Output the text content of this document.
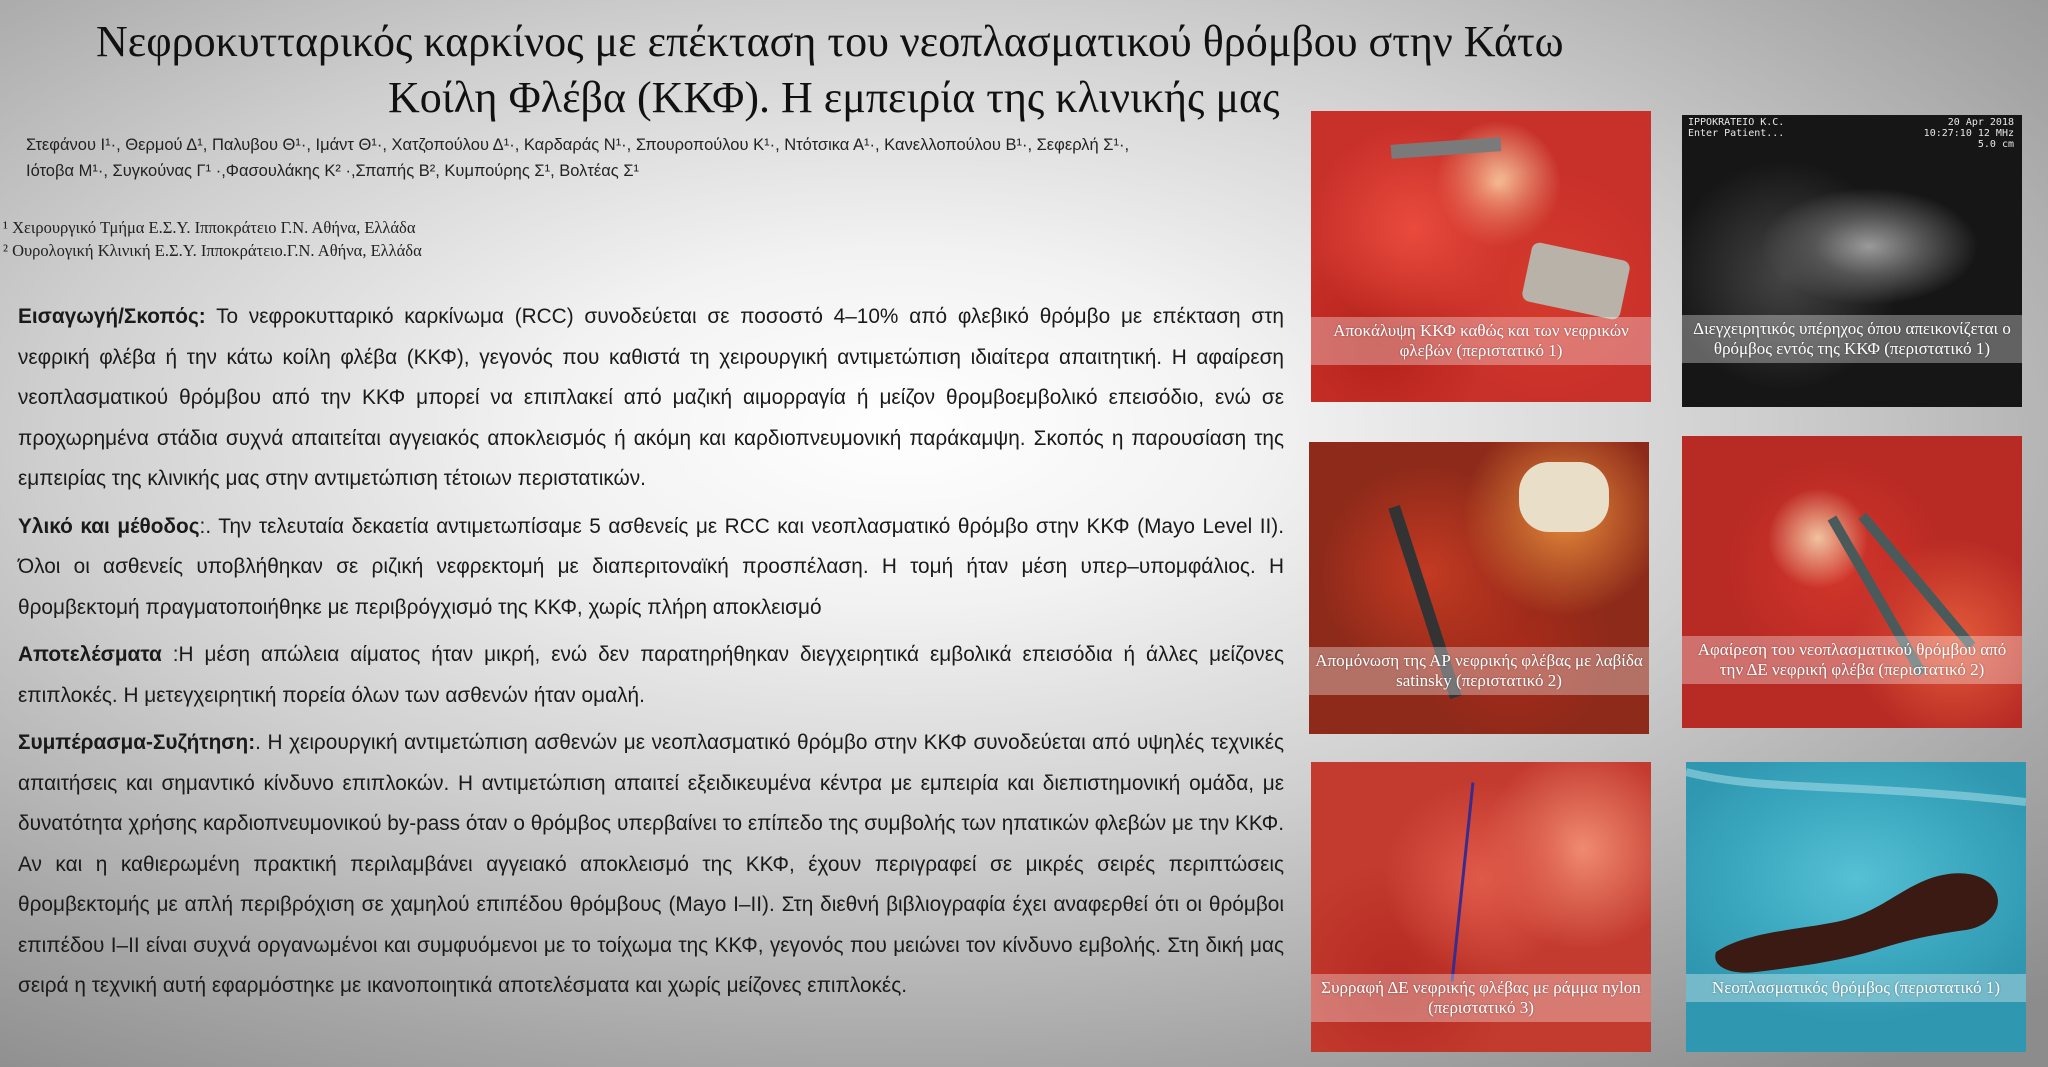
Νεφροκυτταρικός καρκίνος με επέκταση του νεοπλασματικού θρόμβου στην Κάτω
Κοίλη Φλέβα (ΚΚΦ). Η εμπειρία της κλινικής μας
Στεφάνου Ι¹·, Θερμού Δ¹, Παλυβου Θ¹·, Ιμάντ Θ¹·, Χατζοπούλου Δ¹·, Καρδαράς Ν¹·, Σπουροπούλου Κ¹·, Ντότσικα Α¹·, Κανελλοπούλου Β¹·, Σεφερλή Σ¹·,
Ιότοβα Μ¹·, Συγκούνας Γ¹ ·,Φασουλάκης Κ² ·,Σπαπής Β², Κυμπούρης Σ¹, Βολτέας Σ¹
¹ Χειρουργικό Τμήμα Ε.Σ.Υ. Ιπποκράτειο Γ.Ν. Αθήνα, Ελλάδα
² Ουρολογική Κλινική Ε.Σ.Υ. Ιπποκράτειο.Γ.Ν. Αθήνα, Ελλάδα

Εισαγωγή/Σκοπός: Το νεφροκυτταρικό καρκίνωμα (RCC) συνοδεύεται σε ποσοστό 4–10% από φλεβικό θρόμβο με επέκταση στη νεφρική φλέβα ή την κάτω κοίλη φλέβα (ΚΚΦ), γεγονός που καθιστά τη χειρουργική αντιμετώπιση ιδιαίτερα απαιτητική. Η αφαίρεση νεοπλασματικού θρόμβου από την ΚΚΦ μπορεί να επιπλακεί από μαζική αιμορραγία ή μείζον θρομβοεμβολικό επεισόδιο, ενώ σε προχωρημένα στάδια συχνά απαιτείται αγγειακός αποκλεισμός ή ακόμη και καρδιοπνευμονική παράκαμψη. Σκοπός η παρουσίαση της εμπειρίας της κλινικής μας στην αντιμετώπιση τέτοιων περιστατικών.

Υλικό και μέθοδος:. Την τελευταία δεκαετία αντιμετωπίσαμε 5 ασθενείς με RCC και νεοπλασματικό θρόμβο στην ΚΚΦ (Mayo Level II). Όλοι οι ασθενείς υποβλήθηκαν σε ριζική νεφρεκτομή με διαπεριτοναϊκή προσπέλαση. Η τομή ήταν μέση υπερ–υπομφάλιος. Η θρομβεκτομή πραγματοποιήθηκε με περιβρόγχισμό της ΚΚΦ, χωρίς πλήρη αποκλεισμό

Αποτελέσματα :Η μέση απώλεια αίματος ήταν μικρή, ενώ δεν παρατηρήθηκαν διεγχειρητικά εμβολικά επεισόδια ή άλλες μείζονες επιπλοκές. Η μετεγχειρητική πορεία όλων των ασθενών ήταν ομαλή.

Συμπέρασμα-Συζήτηση:. Η χειρουργική αντιμετώπιση ασθενών με νεοπλασματικό θρόμβο στην ΚΚΦ συνοδεύεται από υψηλές τεχνικές απαιτήσεις και σημαντικό κίνδυνο επιπλοκών. Η αντιμετώπιση απαιτεί εξειδικευμένα κέντρα με εμπειρία και διεπιστημονική ομάδα, με δυνατότητα χρήσης καρδιοπνευμονικού by-pass όταν ο θρόμβος υπερβαίνει το επίπεδο της συμβολής των ηπατικών φλεβών με την ΚΚΦ. Αν και η καθιερωμένη πρακτική περιλαμβάνει αγγειακό αποκλεισμό της ΚΚΦ, έχουν περιγραφεί σε μικρές σειρές περιπτώσεις θρομβεκτομής με απλή περιβρόχιση σε χαμηλού επιπέδου θρόμβους (Mayo I–II). Στη διεθνή βιβλιογραφία έχει αναφερθεί ότι οι θρόμβοι επιπέδου I–II είναι συχνά οργανωμένοι και συμφυόμενοι με το τοίχωμα της ΚΚΦ, γεγονός που μειώνει τον κίνδυνο εμβολής. Στη δική μας σειρά η τεχνική αυτή εφαρμόστηκε με ικανοποιητικά αποτελέσματα και χωρίς μείζονες επιπλοκές.

Αποκάλυψη ΚΚΦ καθώς και των νεφρικών φλεβών (περιστατικό 1)
IPPOKRATEIO K.C.
Enter Patient...
20 Apr 2018
10:27:10 12 MHz
5.0 cm
Διεγχειρητικός υπέρηχος όπου απεικονίζεται ο θρόμβος εντός της ΚΚΦ (περιστατικό 1)
Απομόνωση της ΑΡ νεφρικής φλέβας με λαβίδα satinsky (περιστατικό 2)
Αφαίρεση του νεοπλασματικού θρόμβου από την ΔΕ νεφρική φλέβα (περιστατικό 2)
Συρραφή ΔΕ νεφρικής φλέβας με ράμμα nylon (περιστατικό 3)
Νεοπλασματικός θρόμβος (περιστατικό 1)
